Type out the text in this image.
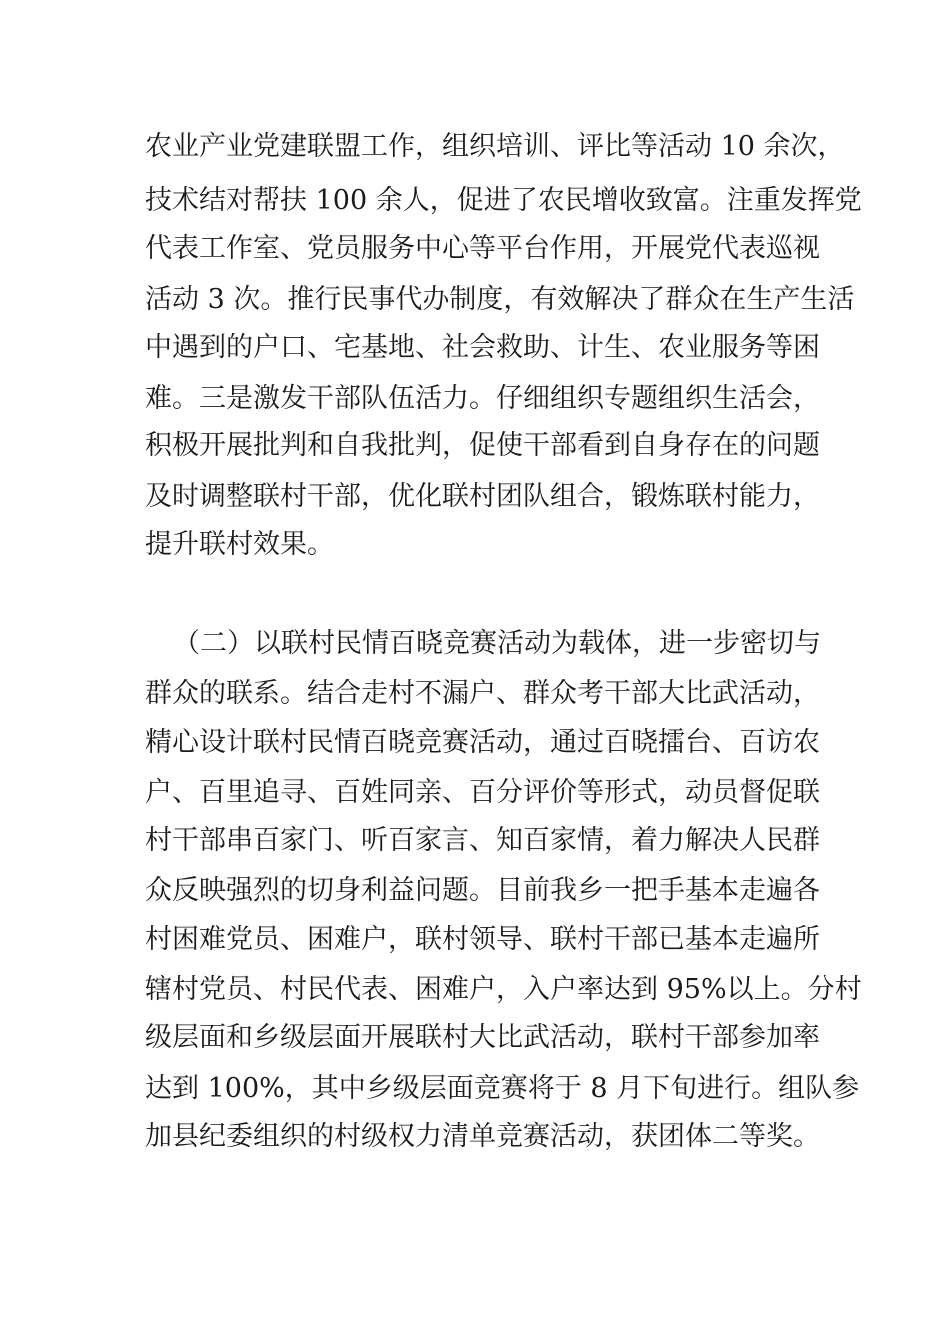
农业产业党建联盟工作，组织培训、评比等活动 10 余次，
技术结对帮扶 100 余人，促进了农民增收致富。注重发挥党
代表工作室、党员服务中心等平台作用，开展党代表巡视
活动 3 次。推行民事代办制度，有效解决了群众在生产生活
中遇到的户口、宅基地、社会救助、计生、农业服务等困
难。三是激发干部队伍活力。仔细组织专题组织生活会，
积极开展批判和自我批判，促使干部看到自身存在的问题
及时调整联村干部，优化联村团队组合，锻炼联村能力，
提升联村效果。
（二）以联村民情百晓竞赛活动为载体，进一步密切与
群众的联系。结合走村不漏户、群众考干部大比武活动，
精心设计联村民情百晓竞赛活动，通过百晓擂台、百访农
户、百里追寻、百姓同亲、百分评价等形式，动员督促联
村干部串百家门、听百家言、知百家情，着力解决人民群
众反映强烈的切身利益问题。目前我乡一把手基本走遍各
村困难党员、困难户，联村领导、联村干部已基本走遍所
辖村党员、村民代表、困难户，入户率达到 95%以上。分村
级层面和乡级层面开展联村大比武活动，联村干部参加率
达到 100%，其中乡级层面竞赛将于 8 月下旬进行。组队参
加县纪委组织的村级权力清单竞赛活动，获团体二等奖。
